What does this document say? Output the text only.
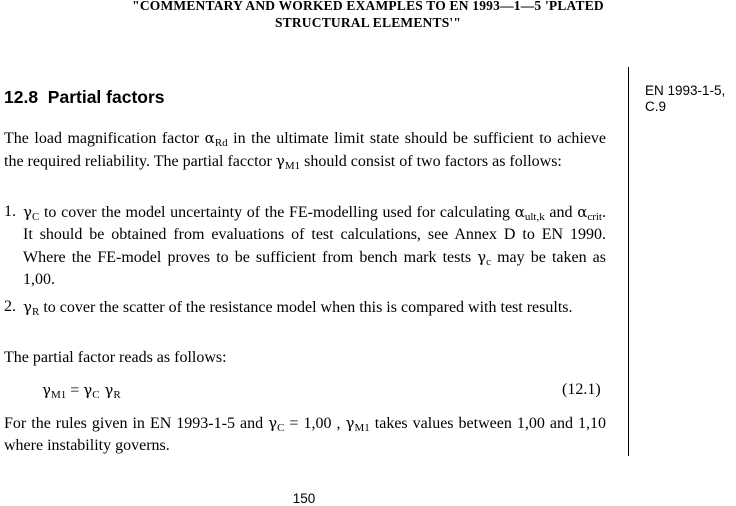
"COMMENTARY AND WORKED EXAMPLES TO EN 1993—1—5 'PLATED
STRUCTURAL ELEMENTS'"
12.8 Partial factors	EN 1993-1-5,
C.9
The load magnification factor $\alpha_{Rd}$ in the ultimate limit state should be sufficient to achieve the required reliability. The partial facctor $\gamma_{M1}$ should consist of two factors as follows:
1. $\gamma_C$ to cover the model uncertainty of the FE-modelling used for calculating $\alpha_{ult,k}$ and $\alpha_{crit}$. It should be obtained from evaluations of test calculations, see Annex D to EN 1990. Where the FE-model proves to be sufficient from bench mark tests $\gamma_c$ may be taken as 1,00.
2. $\gamma_R$ to cover the scatter of the resistance model when this is compared with test results.
The partial factor reads as follows:
$\gamma_{M1} = \gamma_C$ $\gamma_R$	(12.1)
For the rules given in EN 1993-1-5 and $\gamma_C = 1,00$ , $\gamma_{M1}$ takes values between 1,00 and 1,10 where instability governs.
150
